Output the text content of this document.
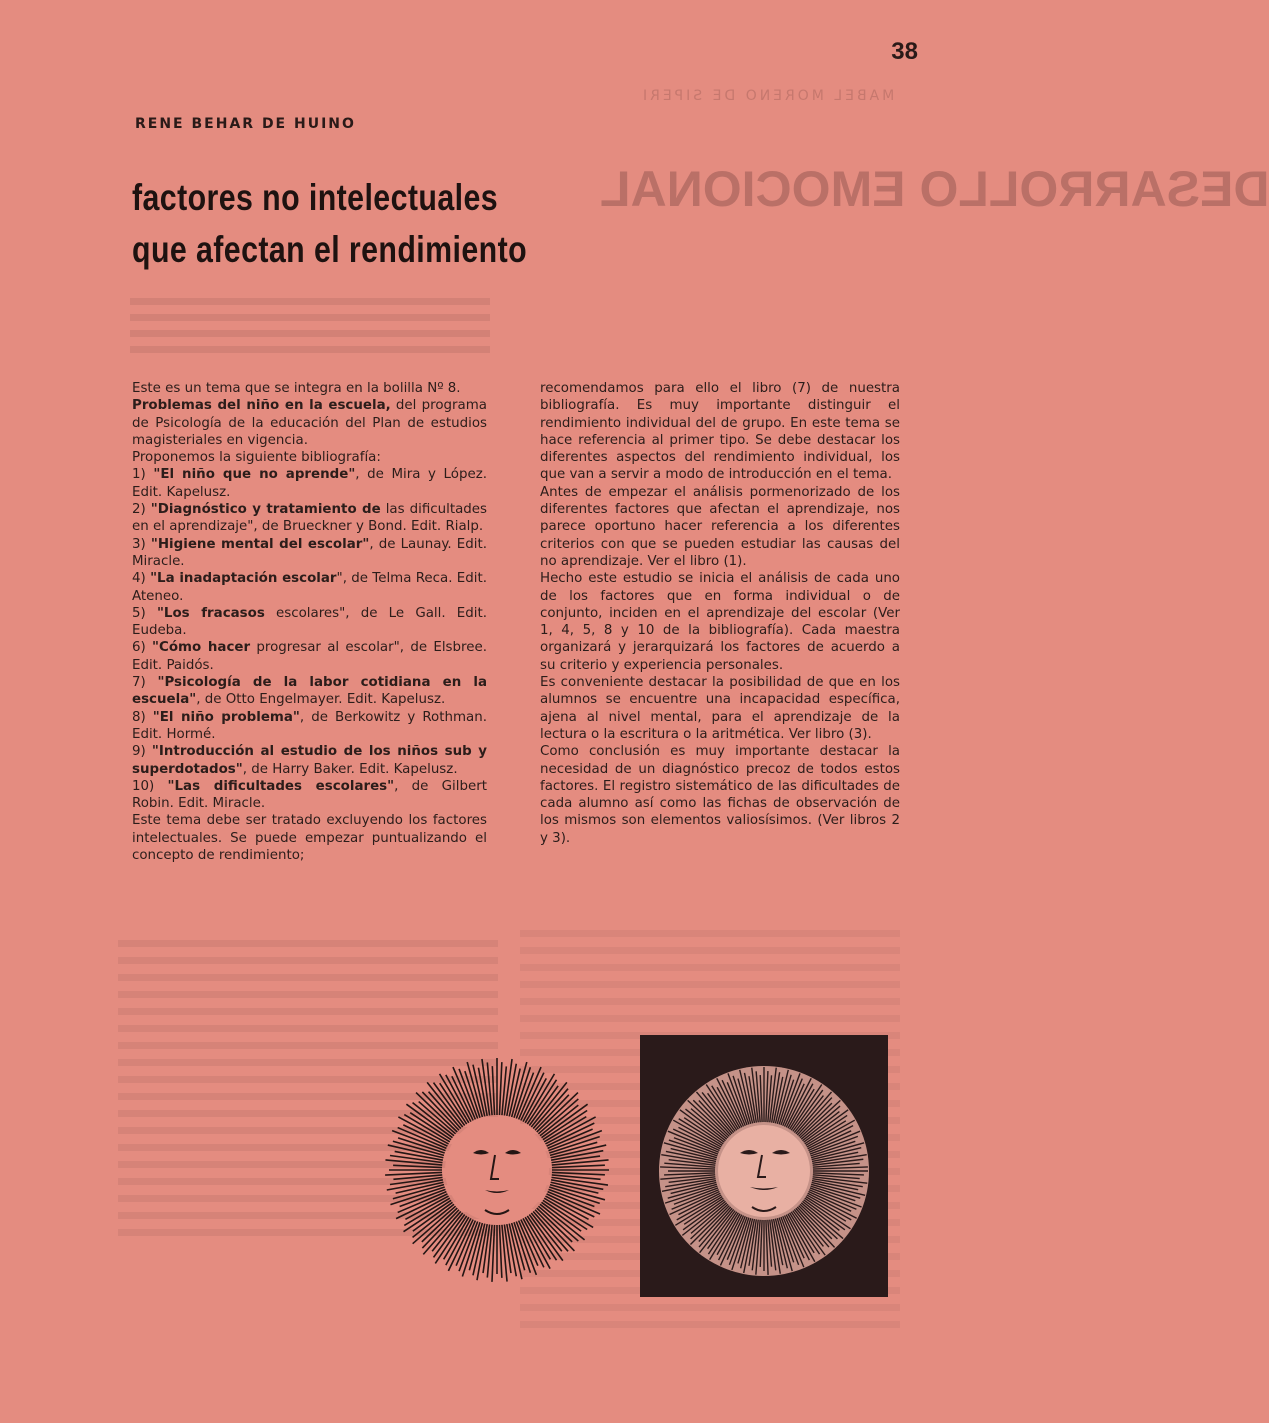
MABEL MORENO DE SIPERI
DESARROLLO EMOCIONAL
38
RENE BEHAR DE HUINO
factores no intelectuales
que afectan el rendimiento

Este es un tema que se integra en la bolilla Nº 8.

Problemas del niño en la escuela, del programa de Psicología de la educación del Plan de estudios magisteriales en vigencia.

Proponemos la siguiente bibliografía:

1) "El niño que no aprende", de Mira y López. Edit. Kapelusz.

2) "Diagnóstico y tratamiento de las dificultades en el aprendizaje", de Brueckner y Bond. Edit. Rialp.

3) "Higiene mental del escolar", de Launay. Edit. Miracle.

4) "La inadaptación escolar", de Telma Reca. Edit. Ateneo.

5) "Los fracasos escolares", de Le Gall. Edit. Eudeba.

6) "Cómo hacer progresar al escolar", de Elsbree. Edit. Paidós.

7) "Psicología de la labor cotidiana en la escuela", de Otto Engelmayer. Edit. Kapelusz.

8) "El niño problema", de Berkowitz y Rothman. Edit. Hormé.

9) "Introducción al estudio de los niños sub y superdotados", de Harry Baker. Edit. Kapelusz.

10) "Las dificultades escolares", de Gilbert Robin. Edit. Miracle.

Este tema debe ser tratado excluyendo los factores intelectuales. Se puede empezar puntualizando el concepto de rendimiento;

recomendamos para ello el libro (7) de nuestra bibliografía. Es muy importante distinguir el rendimiento individual del de grupo. En este tema se hace referencia al primer tipo. Se debe destacar los diferentes aspectos del rendimiento individual, los que van a servir a modo de introducción en el tema.

Antes de empezar el análisis pormenorizado de los diferentes factores que afectan el aprendizaje, nos parece oportuno hacer referencia a los diferentes criterios con que se pueden estudiar las causas del no aprendizaje. Ver el libro (1).

Hecho este estudio se inicia el análisis de cada uno de los factores que en forma individual o de conjunto, inciden en el aprendizaje del escolar (Ver 1, 4, 5, 8 y 10 de la bibliografía). Cada maestra organizará y jerarquizará los factores de acuerdo a su criterio y experiencia personales.

Es conveniente destacar la posibilidad de que en los alumnos se encuentre una incapacidad específica, ajena al nivel mental, para el aprendizaje de la lectura o la escritura o la aritmética. Ver libro (3).

Como conclusión es muy importante destacar la necesidad de un diagnóstico precoz de todos estos factores. El registro sistemático de las dificultades de cada alumno así como las fichas de observación de los mismos son elementos valiosísimos. (Ver libros 2 y 3).
